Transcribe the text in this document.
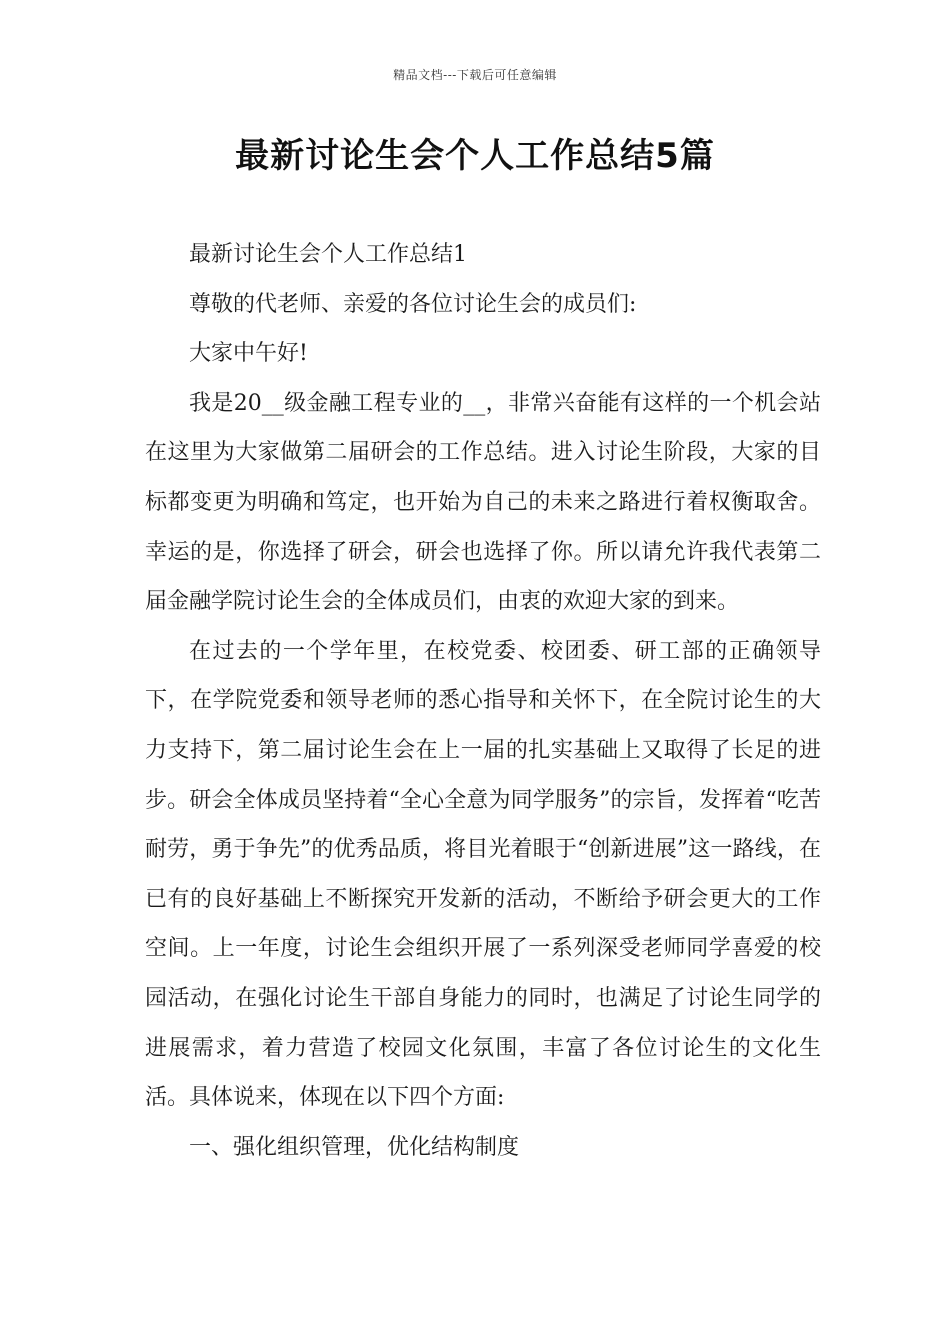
精品文档---下载后可任意编辑
最新讨论生会个人工作总结5篇

最新讨论生会个人工作总结1

尊敬的代老师、亲爱的各位讨论生会的成员们:

大家中午好!

我是20__级金融工程专业的__，非常兴奋能有这样的一个机会站在这里为大家做第二届研会的工作总结。进入讨论生阶段，大家的目标都变更为明确和笃定，也开始为自己的未来之路进行着权衡取舍。幸运的是，你选择了研会，研会也选择了你。所以请允许我代表第二届金融学院讨论生会的全体成员们，由衷的欢迎大家的到来。

在过去的一个学年里，在校党委、校团委、研工部的正确领导下，在学院党委和领导老师的悉心指导和关怀下，在全院讨论生的大力支持下，第二届讨论生会在上一届的扎实基础上又取得了长足的进步。研会全体成员坚持着“全心全意为同学服务”的宗旨，发挥着“吃苦耐劳，勇于争先”的优秀品质，将目光着眼于“创新进展”这一路线，在已有的良好基础上不断探究开发新的活动，不断给予研会更大的工作空间。上一年度，讨论生会组织开展了一系列深受老师同学喜爱的校园活动，在强化讨论生干部自身能力的同时，也满足了讨论生同学的进展需求，着力营造了校园文化氛围，丰富了各位讨论生的文化生活。具体说来，体现在以下四个方面:

一、强化组织管理，优化结构制度
